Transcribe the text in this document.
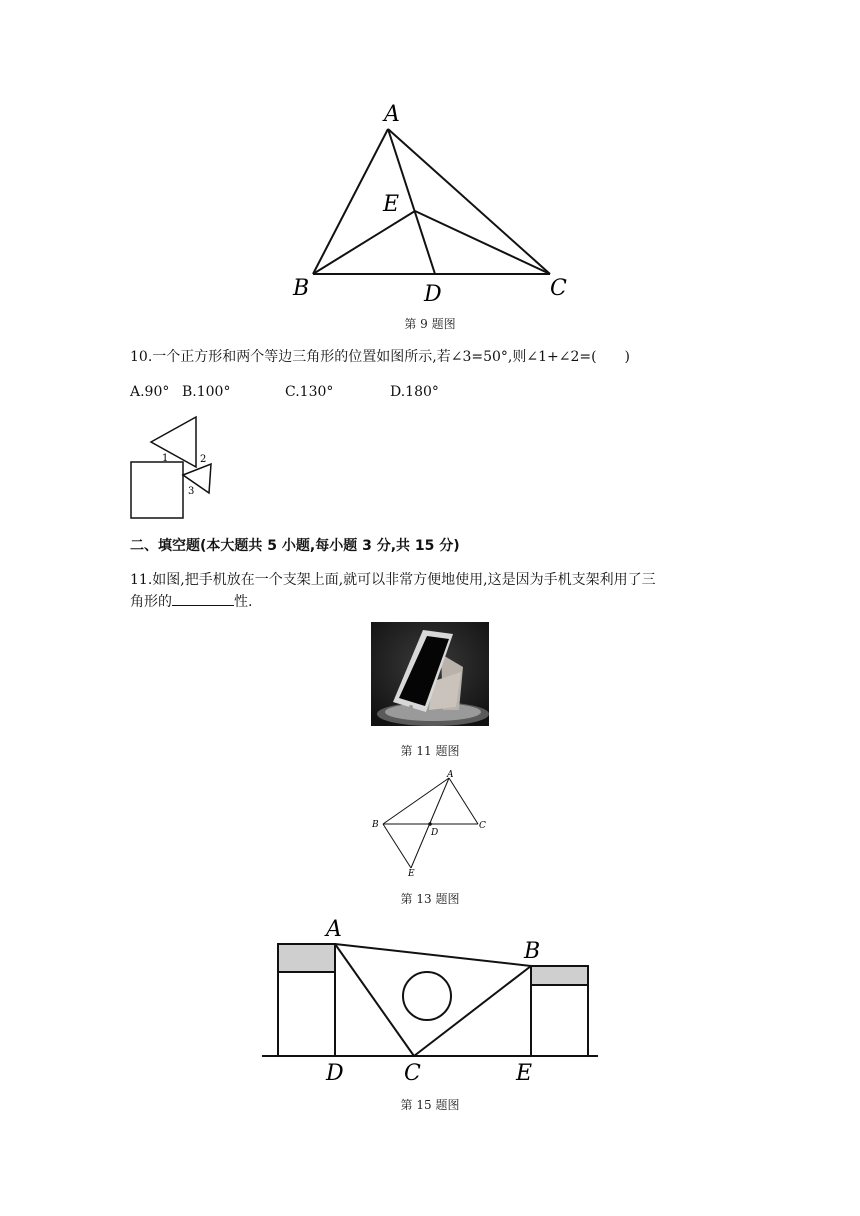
A
E
B	D	C
第 9 题图
10.一个正方形和两个等边三角形的位置如图所示,若∠3=50°,则∠1+∠2=(　　)
A.90° B.100°	C.130°	D.180°
1	2
3
二、填空题(本大题共 5 小题,每小题 3 分,共 15 分)
11.如图,把手机放在一个支架上面,就可以非常方便地使用,这是因为手机支架利用了三
角形的	性.
第 11 题图
A
B
D
C
E
第 13 题图
A
B
D	C	E
第 15 题图
